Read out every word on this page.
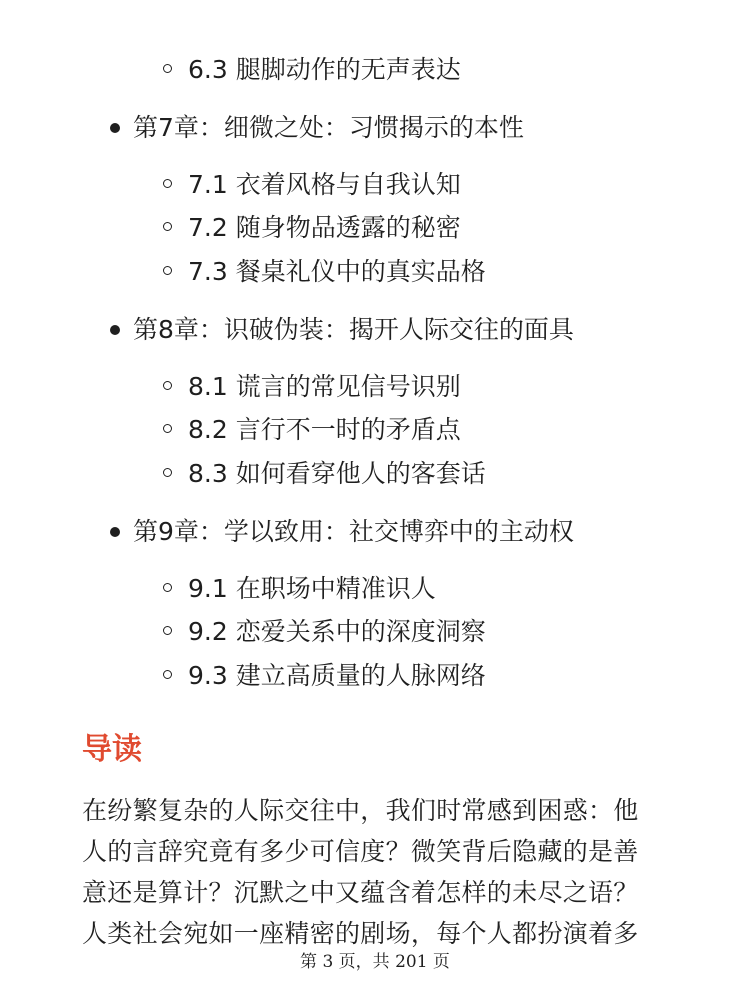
6.3 腿脚动作的无声表达
第7章：细微之处：习惯揭示的本性
7.1 衣着风格与自我认知
7.2 随身物品透露的秘密
7.3 餐桌礼仪中的真实品格
第8章：识破伪装：揭开人际交往的面具
8.1 谎言的常见信号识别
8.2 言行不一时的矛盾点
8.3 如何看穿他人的客套话
第9章：学以致用：社交博弈中的主动权
9.1 在职场中精准识人
9.2 恋爱关系中的深度洞察
9.3 建立高质量的人脉网络
导读
在纷繁复杂的人际交往中，我们时常感到困惑：他
人的言辞究竟有多少可信度？微笑背后隐藏的是善
意还是算计？沉默之中又蕴含着怎样的未尽之语？
人类社会宛如一座精密的剧场，每个人都扮演着多
第 3 页，共 201 页
